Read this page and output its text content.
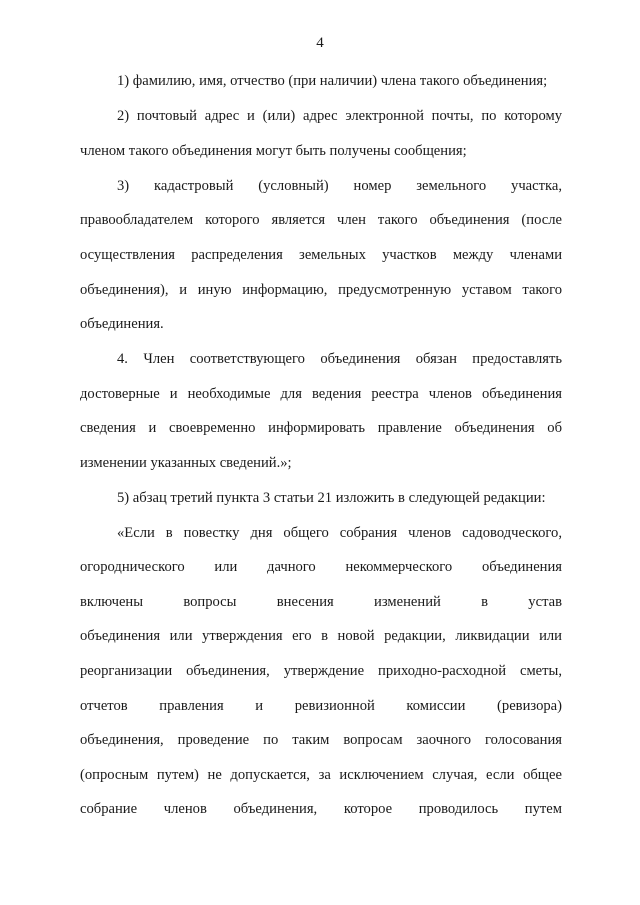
4
1) фамилию, имя, отчество (при наличии) члена такого объединения;
2) почтовый адрес и (или) адрес электронной почты, по которому
членом такого объединения могут быть получены сообщения;
3) кадастровый (условный) номер земельного участка,
правообладателем которого является член такого объединения (после
осуществления распределения земельных участков между членами
объединения), и иную информацию, предусмотренную уставом такого
объединения.
4. Член соответствующего объединения обязан предоставлять
достоверные и необходимые для ведения реестра членов объединения
сведения и своевременно информировать правление объединения об
изменении указанных сведений.»;
5) абзац третий пункта 3 статьи 21 изложить в следующей редакции:
«Если в повестку дня общего собрания членов садоводческого,
огороднического или дачного некоммерческого объединения
включены вопросы внесения изменений в устав
объединения или утверждения его в новой редакции, ликвидации или
реорганизации объединения, утверждение приходно-расходной сметы,
отчетов правления и ревизионной комиссии (ревизора)
объединения, проведение по таким вопросам заочного голосования
(опросным путем) не допускается, за исключением случая, если общее
собрание членов объединения, которое проводилось путем
